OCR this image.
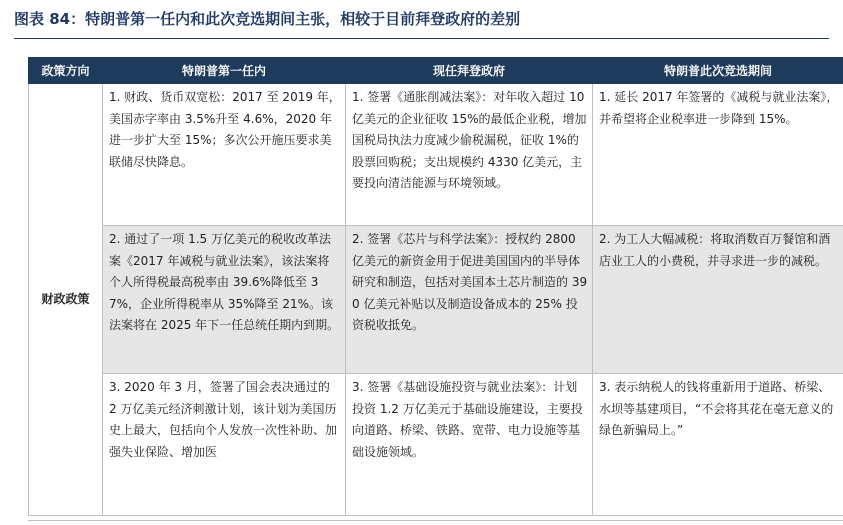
图表 84：特朗普第一任内和此次竞选期间主张，相较于目前拜登政府的差别
政策方向	特朗普第一任内	现任拜登政府	特朗普此次竞选期间
财政政策	1. 财政、货币双宽松：2017 至 2019 年，美国赤字率由 3.5%升至 4.6%，2020 年进一步扩大至 15%；多次公开施压要求美联储尽快降息。	1. 签署《通胀削减法案》：对年收入超过 10 亿美元的企业征收 15%的最低企业税，增加国税局执法力度减少偷税漏税，征收 1%的股票回购税；支出规模约 4330 亿美元，主要投向清洁能源与环境领域。	1. 延长 2017 年签署的《减税与就业法案》，并希望将企业税率进一步降到 15%。
	2. 通过了一项 1.5 万亿美元的税收改革法案《2017 年减税与就业法案》，该法案将个人所得税最高税率由 39.6%降低至 37%，企业所得税率从 35%降至 21%。该法案将在 2025 年下一任总统任期内到期。	2. 签署《芯片与科学法案》：授权约 2800 亿美元的新资金用于促进美国国内的半导体研究和制造，包括对美国本土芯片制造的 390 亿美元补贴以及制造设备成本的 25% 投资税收抵免。	2. 为工人大幅减税：将取消数百万餐馆和酒店业工人的小费税，并寻求进一步的减税。
	3. 2020 年 3 月，签署了国会表决通过的 2 万亿美元经济刺激计划，该计划为美国历史上最大，包括向个人发放一次性补助、加强失业保险、增加医	3. 签署《基础设施投资与就业法案》：计划投资 1.2 万亿美元于基础设施建设，主要投向道路、桥梁、铁路、宽带、电力设施等基础设施领域。	3. 表示纳税人的钱将重新用于道路、桥梁、水坝等基建项目，“不会将其花在毫无意义的绿色新骗局上。”
